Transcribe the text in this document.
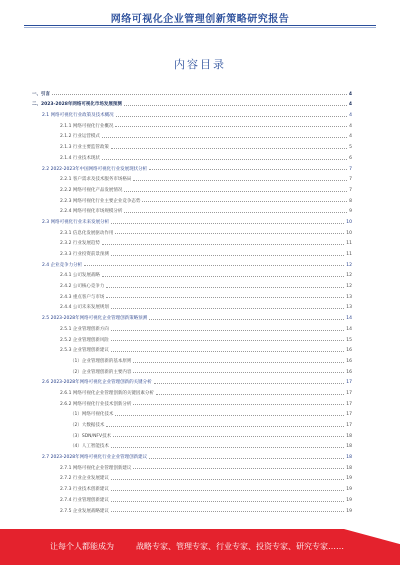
网络可视化企业管理创新策略研究报告
内容目录
一、引言	4
二、2023-2028年网络可视化市场发展预测	4
2.1 网络可视化行业政策及技术概况	4
2.1.1 网络可视化行业概况	4
2.1.2 行业运营模式	4
2.1.3 行业主要监管政策	5
2.1.4 行业技术现状	6
2.2 2022-2023年中国网络可视化行业发展现状分析	7
2.2.1 客户需求及技术服务市场格局	7
2.2.2 网络可视化产品发展情况	7
2.2.3 网络可视化行业主要企业竞争态势	8
2.2.4 网络可视化市场规模分析	9
2.3 网络可视化行业未来发展分析	10
2.3.1 信息化发展驱动作用	10
2.3.2 行业发展趋势	11
2.3.3 行业投资前景预测	11
2.4 企业竞争力分析	12
2.4.1 公司发展战略	12
2.4.2 公司核心竞争力	12
2.4.3 重点客户与市场	13
2.4.4 公司未来发展规划	13
2.5 2023-2028年网络可视化企业管理创新策略预测	14
2.5.1 企业管理创新方向	14
2.5.2 企业管理创新风险	15
2.5.3 企业管理创新建议	16
（1）企业管理创新的基本原则	16
（2）企业管理创新的主要内容	16
2.6 2023-2028年网络可视化企业管理创新的关键分析	17
2.6.1 网络可视化企业管理创新的关键因素分析	17
2.6.2 网络可视化行业技术创新分析	17
（1）网络可视化技术	17
（2）大数据技术	17
（3）SDN/NFV技术	18
（4）人工智能技术	18
2.7 2023-2028年网络可视化行业企业管理创新建议	18
2.7.1 网络可视化企业管理创新建议	18
2.7.2 行业企业发展建议	19
2.7.3 行业技术创新建议	19
2.7.4 行业管理创新建议	19
2.7.5 企业发展战略建议	19
让每个人都能成为	战略专家、管理专家、行业专家、投资专家、研究专家……
